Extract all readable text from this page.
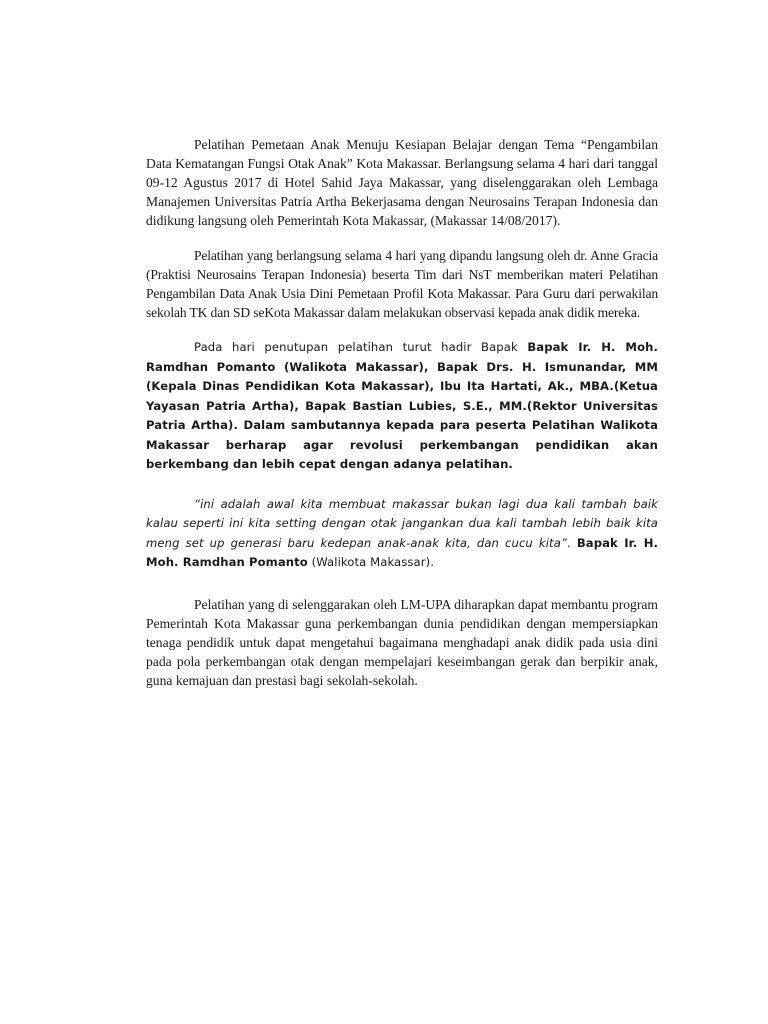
Pelatihan Pemetaan Anak Menuju Kesiapan Belajar dengan Tema “Pengambilan Data Kematangan Fungsi Otak Anak” Kota Makassar. Berlangsung selama 4 hari dari tanggal 09-12 Agustus 2017 di Hotel Sahid Jaya Makassar, yang diselenggarakan oleh Lembaga Manajemen Universitas Patria Artha Bekerjasama dengan Neurosains Terapan Indonesia dan didikung langsung oleh Pemerintah Kota Makassar, (Makassar 14/08/2017).

Pelatihan yang berlangsung selama 4 hari yang dipandu langsung oleh dr. Anne Gracia (Praktisi Neurosains Terapan Indonesia) beserta Tim dari NsT memberikan materi Pelatihan Pengambilan Data Anak Usia Dini Pemetaan Profil Kota Makassar. Para Guru dari perwakilan sekolah TK dan SD seKota Makassar dalam melakukan observasi kepada anak didik mereka.

Pada hari penutupan pelatihan turut hadir Bapak Bapak Ir. H. Moh. Ramdhan Pomanto (Walikota Makassar), Bapak Drs. H. Ismunandar, MM (Kepala Dinas Pendidikan Kota Makassar), Ibu Ita Hartati, Ak., MBA.(Ketua Yayasan Patria Artha), Bapak Bastian Lubies, S.E., MM.(Rektor Universitas Patria Artha). Dalam sambutannya kepada para peserta Pelatihan Walikota Makassar berharap agar revolusi perkembangan pendidikan akan berkembang dan lebih cepat dengan adanya pelatihan.

“ini adalah awal kita membuat makassar bukan lagi dua kali tambah baik kalau seperti ini kita setting dengan otak jangankan dua kali tambah lebih baik kita meng set up generasi baru kedepan anak-anak kita, dan cucu kita”. Bapak Ir. H. Moh. Ramdhan Pomanto (Walikota Makassar).

Pelatihan yang di selenggarakan oleh LM-UPA diharapkan dapat membantu program Pemerintah Kota Makassar guna perkembangan dunia pendidikan dengan mempersiapkan tenaga pendidik untuk dapat mengetahui bagaimana menghadapi anak didik pada usia dini pada pola perkembangan otak dengan mempelajari keseimbangan gerak dan berpikir anak, guna kemajuan dan prestasi bagi sekolah-sekolah.
